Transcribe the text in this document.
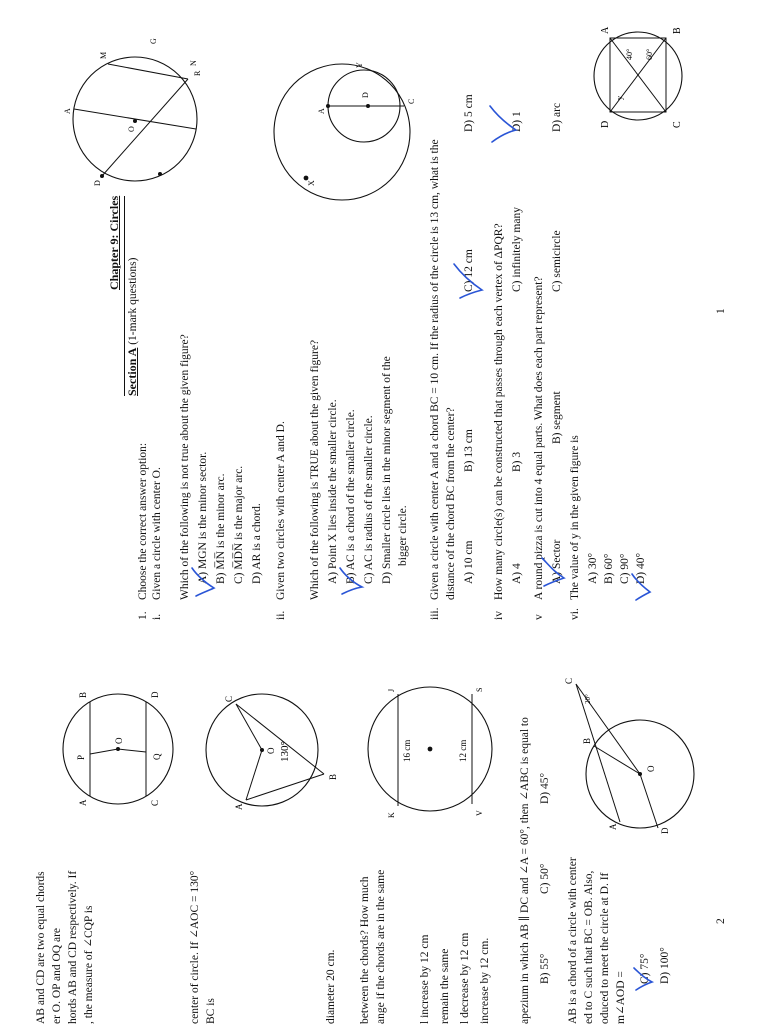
Chapter 9: Circles
Section A (1-mark questions)
1.
Choose the correct answer option:
i.
Given a circle with center O. Which of the following is not true about the given figure? A) MGN is the minor sector. B) M̅N̅ is the minor arc. C) M̅D̅N̅ is the major arc. D) AR is a chord.
A
O
D
M
G
R
N
ii.
Given two circles with center A and D. Which of the following is TRUE about the given figure? A) Point X lies inside the smaller circle. B) AC is a chord of the smaller circle. C) AC is radius of the smaller circle. D) Smaller circle lies in the minor segment of the bigger circle.
A
D
Y
C
X
iii.
Given a circle with center A and a chord BC = 10 cm. If the radius of the circle is 13 cm, what is the distance of the chord BC from the center? A) 10 cm
B) 13 cm
C) 12 cm
D) 5 cm
iv
How many circle(s) can be constructed that passes through each vertex of ΔPQR? A) 4
B) 3
C) infinitely many
D) 1
v
A round pizza is cut into 4 equal parts. What does each part represent? A) Sector
B) segment
C) semicircle
D) arc
vi.
The value of y in the given figure is A) 30° B) 60° C) 90° D) 40°
D	C
A	B
y
40° 60°
1
AB and CD are two equal chords er O. OP and OQ are hords AB and CD respectively. If , the measure of ∠CQP is
A
P
B
O
C
Q
D
center of circle. If ∠AOC = 130° BC is
O 130°
A
C
B
diameter 20 cm. between the chords? How much ange if the chords are in the same	l increase by 12 cm remain the same l decrease by 12 cm increase by 12 cm.
K
J
V
S
16 cm	12 cm	apezium in which AB ∥ DC and ∠A = 60°, then ∠ABC is equal to B) 55°
C) 50°
D) 45°
AB is a chord of a circle with center ed to C such that BC = OB. Also, oduced to meet the circle at D. If m∠AOD =
C) 75° D) 100°
A
B
C
D
O
20°
2
